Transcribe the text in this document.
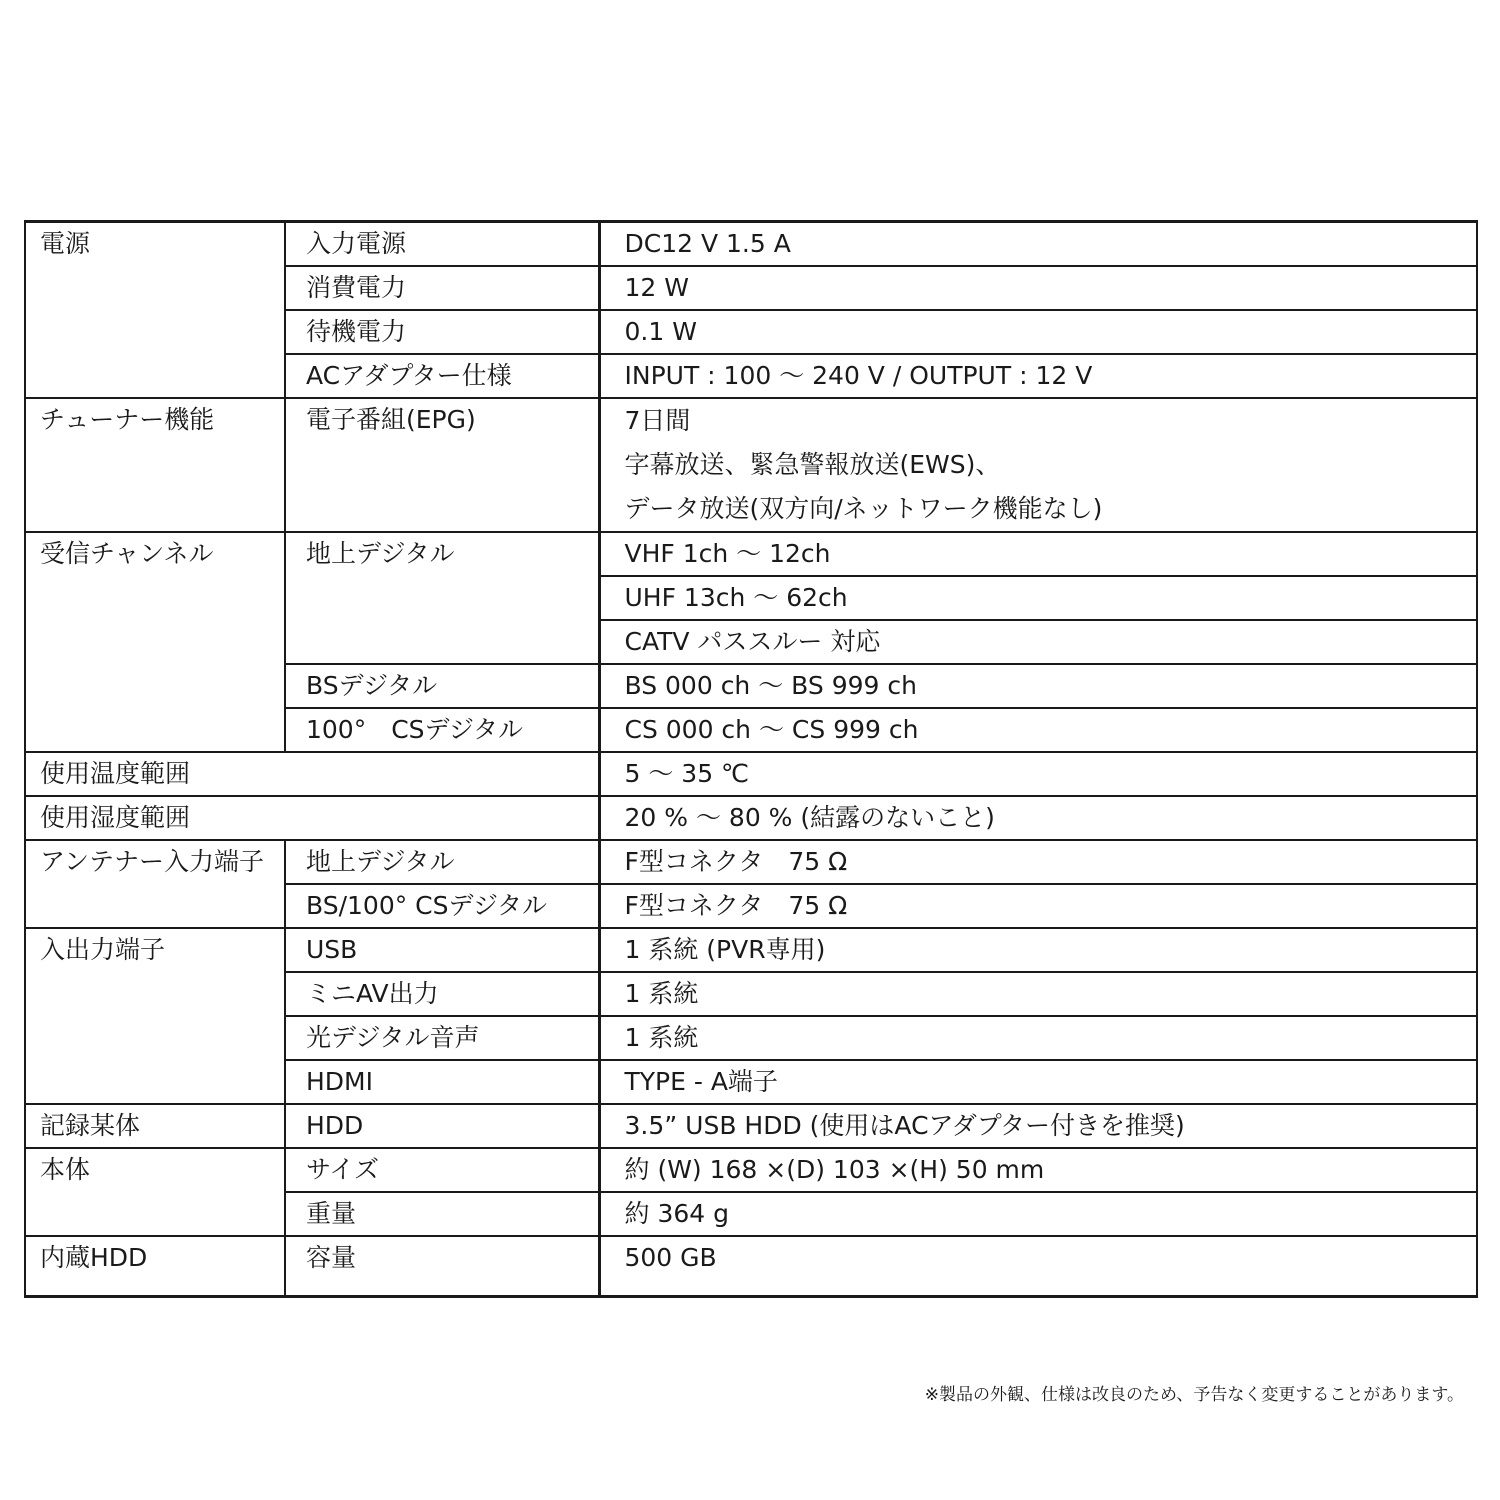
電源	入力電源	DC12 V 1.5 A
	消費電力	12 W
	待機電力	0.1 W
	ACアダプター仕様	INPUT : 100 ～ 240 V / OUTPUT : 12 V
チューナー機能	電子番組(EPG)	7日間
字幕放送、緊急警報放送(EWS)、
データ放送(双方向/ネットワーク機能なし)

受信チャンネル	地上デジタル	VHF 1ch ～ 12ch
		UHF 13ch ～ 62ch
		CATV パススルー 対応
	BSデジタル	BS 000 ch ～ BS 999 ch
	100°　CSデジタル	CS 000 ch ～ CS 999 ch
使用温度範囲		5 ～ 35 ℃
使用湿度範囲		20 % ～ 80 % (結露のないこと)
アンテナー入力端子	地上デジタル	F型コネクタ　75 Ω
	BS/100° CSデジタル	F型コネクタ　75 Ω
入出力端子	USB	1 系統 (PVR専用)
	ミニAV出力	1 系統
	光デジタル音声	1 系統
	HDMI	TYPE - A端子
記録某体	HDD	3.5” USB HDD (使用はACアダプター付きを推奨)
本体	サイズ	約 (W) 168 ×(D) 103 ×(H) 50 mm
	重量	約 364 g
内蔵HDD	容量	500 GB
※製品の外観、仕様は改良のため、予告なく変更することがあります。
